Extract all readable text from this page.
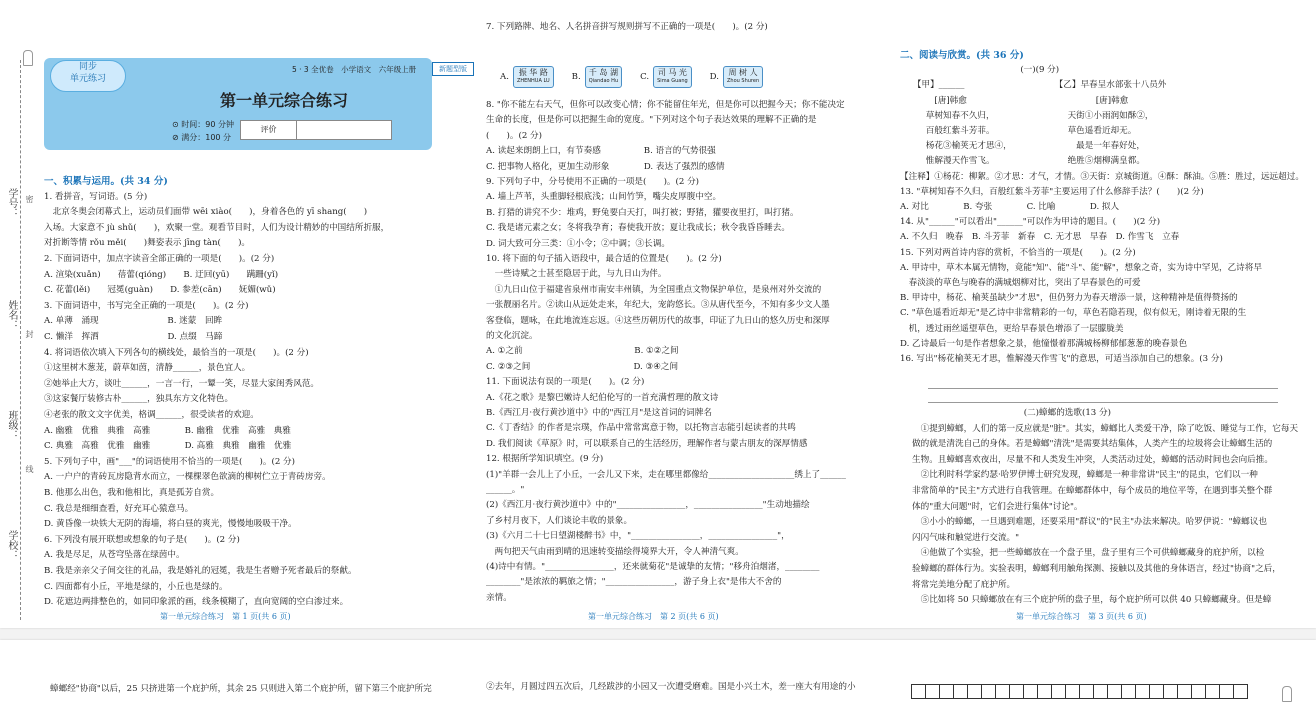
学号：
姓名：
班级：
学校：
密
封
线
同步
单元练习
5 · 3 全优卷　小学语文　六年级上册	新题型版
第一单元综合练习
⊙ 时间：90 分钟
⊘ 满分：100 分
评价
一、积累与运用。(共 34 分)
1. 看拼音，写词语。(5 分)
　北京冬奥会闭幕式上，运动员们面带 wēi xiào(　　)，身着各色的 yī shang(　　)
入场。大家意不 jù shǔ(　　)，欢聚一堂。观看节目时，人们为设计精妙的中国结所折服，
对折断等情 rǒu měi(　　)舞姿表示 jīng tàn(　　)。
2. 下面词语中，加点字读音全部正确的一项是(　　)。(2 分)
A. 渲染(xuǎn)　　蓓蕾(qióng)　　B. 迂回(yū)　　蹒跚(yǐ)
C. 花蕾(lěi)　　冠冕(guàn)　　D. 参差(cān)　　妩媚(wǔ)
3. 下面词语中，书写完全正确的一项是(　　)。(2 分)
A. 单薄　涌现　　　　　　　　B. 迷蒙　回眸
C. 懒洋　挥洒　　　　　　　　D. 点缀　马蹄
4. 将词语依次填入下列各句的横线处，最恰当的一项是(　　)。(2 分)
①这里树木葱茏，蔚草如茵，清静______，景色宜人。
②她举止大方，谈吐______，一言一行，一颦一笑，尽显大家闺秀风范。
③这家餐厅装修古朴______，独具东方文化特色。
④老张的散文文字优美，格调______，很受读者的欢迎。
A. 幽雅　优雅　典雅　高雅　　　　B. 幽雅　优雅　高雅　典雅
C. 典雅　高雅　优雅　幽雅　　　　D. 高雅　典雅　幽雅　优雅
5. 下列句子中，画"___"的词语使用不恰当的一项是(　　)。(2 分)
A. 一户户的青砖瓦房隐背水而立，一棵棵翠色欲滴的柳树伫立于青砖房旁。
B. 他那么出色，我和他相比，真是孤芳自赏。
C. 我总是细细查看，好充耳心猿意马。
D. 黄昏像一块铁大无阴的海墙，将白昼的爽光，慢慢地吸吸干净。
6. 下列没有展开联想或想象的句子是(　　)。(2 分)
A. 我是尽足，从苍穹坠落在绿茵中。
B. 我是亲亲父子间交往的礼品，我是婚礼的冠冕，我是生者赠予死者最后的祭献。
C. 四面都有小丘，平地是绿的，小丘也是绿的。
D. 花遮边两排整色的，如同印象派的画，线条模糊了，直向宽阔的空白渗过来。
第一单元综合练习　第 1 页(共 6 页)
7. 下列路牌、地名、人名拼音拼写规则拼写不正确的一项是(　　)。(2 分)
A. 振 华 路
ZHENHUA LU	B. 千 岛 湖
Qiandao Hu	C. 司 马 光
Sima Guang	D. 周 树 人
Zhou Shuren
8. "你不能左右天气，但你可以改变心情；你不能留住年光，但是你可以把握今天；你不能决定
生命的长度，但是你可以把握生命的宽度。"下列对这个句子表达效果的理解不正确的是
(　　)。(2 分)
A. 读起来朗朗上口，有节奏感　　　　　B. 语言的气势很强
C. 把事物人格化，更加生动形象　　　　D. 表达了强烈的感情
9. 下列句子中，分号使用不正确的一项是(　　)。(2 分)
A. 墙上芦苇，头重脚轻根底浅；山间竹笋，嘴尖皮厚腹中空。
B. 打猎的讲究不少：堆鸡，野兔要白天打，叫打被；野猪，獾要夜里打，叫打猪。
C. 我是诸元素之女；冬将我孕育；春使我开放；夏让我成长；秋令我昏昏睡去。
D. 词大致可分三类：①小令；②中调；③长调。
10. 将下面的句子插入语段中，最合适的位置是(　　)。(2 分)
　一些诗赋之士甚至隐居于此，与九日山为伴。
　①九日山位于福建省泉州市南安丰州镇，为全国重点文物保护单位，是泉州对外交流的
一张靓丽名片。②读山从远处走来，年纪大，宠韵悠长。③从唐代至今，不知有多少文人墨
客登临，题咏，在此地流连忘返。④这些历朝历代的故事，印证了九日山的悠久历史和深厚
的文化沉淀。
A. ①之前　　　　　　　　　　　　　B. ①②之间
C. ②③之间　　　　　　　　　　　　D. ③④之间
11. 下面说法有误的一项是(　　)。(2 分)
A.《花之歌》是黎巴嫩诗人纪伯伦写的一首充满哲理的散文诗
B.《西江月·夜行黄沙道中》中的"西江月"是这首词的词牌名
C.《丁香结》的作者是宗璞，作品中常常寓意于物，以托物言志能引起读者的共鸣
D. 我们阅读《草原》时，可以联系自己的生活经历，理解作者与蒙古朋友的深厚情感
12. 根据所学知识填空。(9 分)
(1)"羊群一会儿上了小丘，一会儿又下来，走在哪里都像给____________________绣上了______
______。"
(2)《西江月·夜行黄沙道中》中的"________________，________________"生动地描绘
了乡村月夜下，人们谈论丰收的景象。
(3)《六月二十七日望湖楼醉书》中，"________________，________________"，
　两句把天气由雨到晴的迅速转变描绘得境界大开，令人神清气爽。
(4)诗中有情。"________________，还来就菊花"是诚挚的友情；"移舟泊烟渚，________
________"是浓浓的羁旅之情；"________________，游子身上衣"是伟大不舍的
亲情。
第一单元综合练习　第 2 页(共 6 页)
二、阅读与欣赏。(共 36 分)
　　　　　　　　　　　　　　(一)(9 分)
　　【甲】______　　　　　　　　　　　【乙】早春呈水部张十八员外
　　　　[唐]韩愈　　　　　　　　　　　　　　　[唐]韩愈
　　　草树知春不久归，　　　　　　　　　天街①小雨润如酥②，
　　　百般红紫斗芳菲。　　　　　　　　　草色遥看近却无。
　　　杨花③榆荚无才思④，　　　　　　　　最是一年春好处，
　　　惟解漫天作雪飞。　　　　　　　　　绝胜⑤烟柳满皇都。
【注释】①杨花：柳絮。②才思：才气，才情。③天街：京城街道。④酥：酥油。⑤胜：胜过，远远超过。
13. "草树知春不久归，百般红紫斗芳菲"主要运用了什么修辞手法？(　　)(2 分)
A. 对比　　　　B. 夸张　　　　C. 比喻　　　　D. 拟人
14. 从"______"可以看出"______"可以作为甲诗的题目。(　　)(2 分)
A. 不久归　晚春　B. 斗芳菲　新春　C. 无才思　早春　D. 作雪飞　立春
15. 下列对两首诗内容的赏析，不恰当的一项是(　　)。(2 分)
A. 甲诗中，草木本属无情物，竟能"知"、能"斗"、能"解"，想象之奇，实为诗中罕见，乙诗将早
　春淡淡的草色与晚春的满城烟柳对比，突出了早春景色的可爱
B. 甲诗中，杨花、榆荚虽缺少"才思"，但仍努力为春天增添一景，这种精神是值得赞扬的
C. "草色遥看近却无"是乙诗中非常精彩的一句，草色若隐若现，似有似无，刚诗着无限的生
　机，透过雨丝遥望草色，更给早春景色增添了一层朦胧美
D. 乙诗最后一句是作者想象之景，他憧憬着那满城杨柳郁郁葱葱的晚春景色
16. 写出"杨花榆荚无才思，惟解漫天作雪飞"的意思，可适当添加自己的想象。(3 分)
　　　　　　　　　　　　　(二)蟑螂的选歌(13 分)
　①提到蟑螂，人们的第一反应就是"脏"。其实，蟑螂比人类爱干净，除了吃饭、睡觉与工作，它每天
做的就是清洗自己的身体。若是蟑螂"清洗"是需要其结集体，人类产生的垃圾将会让蟑螂生活的
生物。且蟑螂喜欢夜出，尽量不和人类发生冲突，人类活动过处，蟑螂的活动时间也会向后推。
　②比利时科学家约瑟·哈罗伊博士研究发现，蟑螂是一种非常讲"民主"的昆虫，它们以一种
非常简单的"民主"方式进行自我管理。在蟑螂群体中，每个成员的地位平等，在遇到事关整个群
体的"重大问题"时，它们会进行集体"讨论"。
　③小小的蟑螂，一旦遇到难题，还要采用"群议"的"民主"办法来解决。哈罗伊说："蟑螂议也
闪闪气味和触觉进行交流。"
　④他做了个实验，把一些蟑螂放在一个盘子里，盘子里有三个可供蟑螂藏身的庇护所，以检
验蟑螂的群体行为。实验表明，蟑螂利用触角探测、接触以及其他的身体语言，经过"协商"之后，
将常完美地分配了庇护所。
　⑤比如将 50 只蟑螂放在有三个庇护所的盘子里，每个庇护所可以供 40 只蟑螂藏身。但是蟑
第一单元综合练习　第 3 页(共 6 页)
蟑螂经"协商"以后，25 只挤进第一个庇护所，其余 25 只则进入第二个庇护所，留下第三个庇护所完	②去年，月圆过四五次后，几经跋涉的小园又一次遭受磨难。国是小兴土木，差一座大有用途的小
